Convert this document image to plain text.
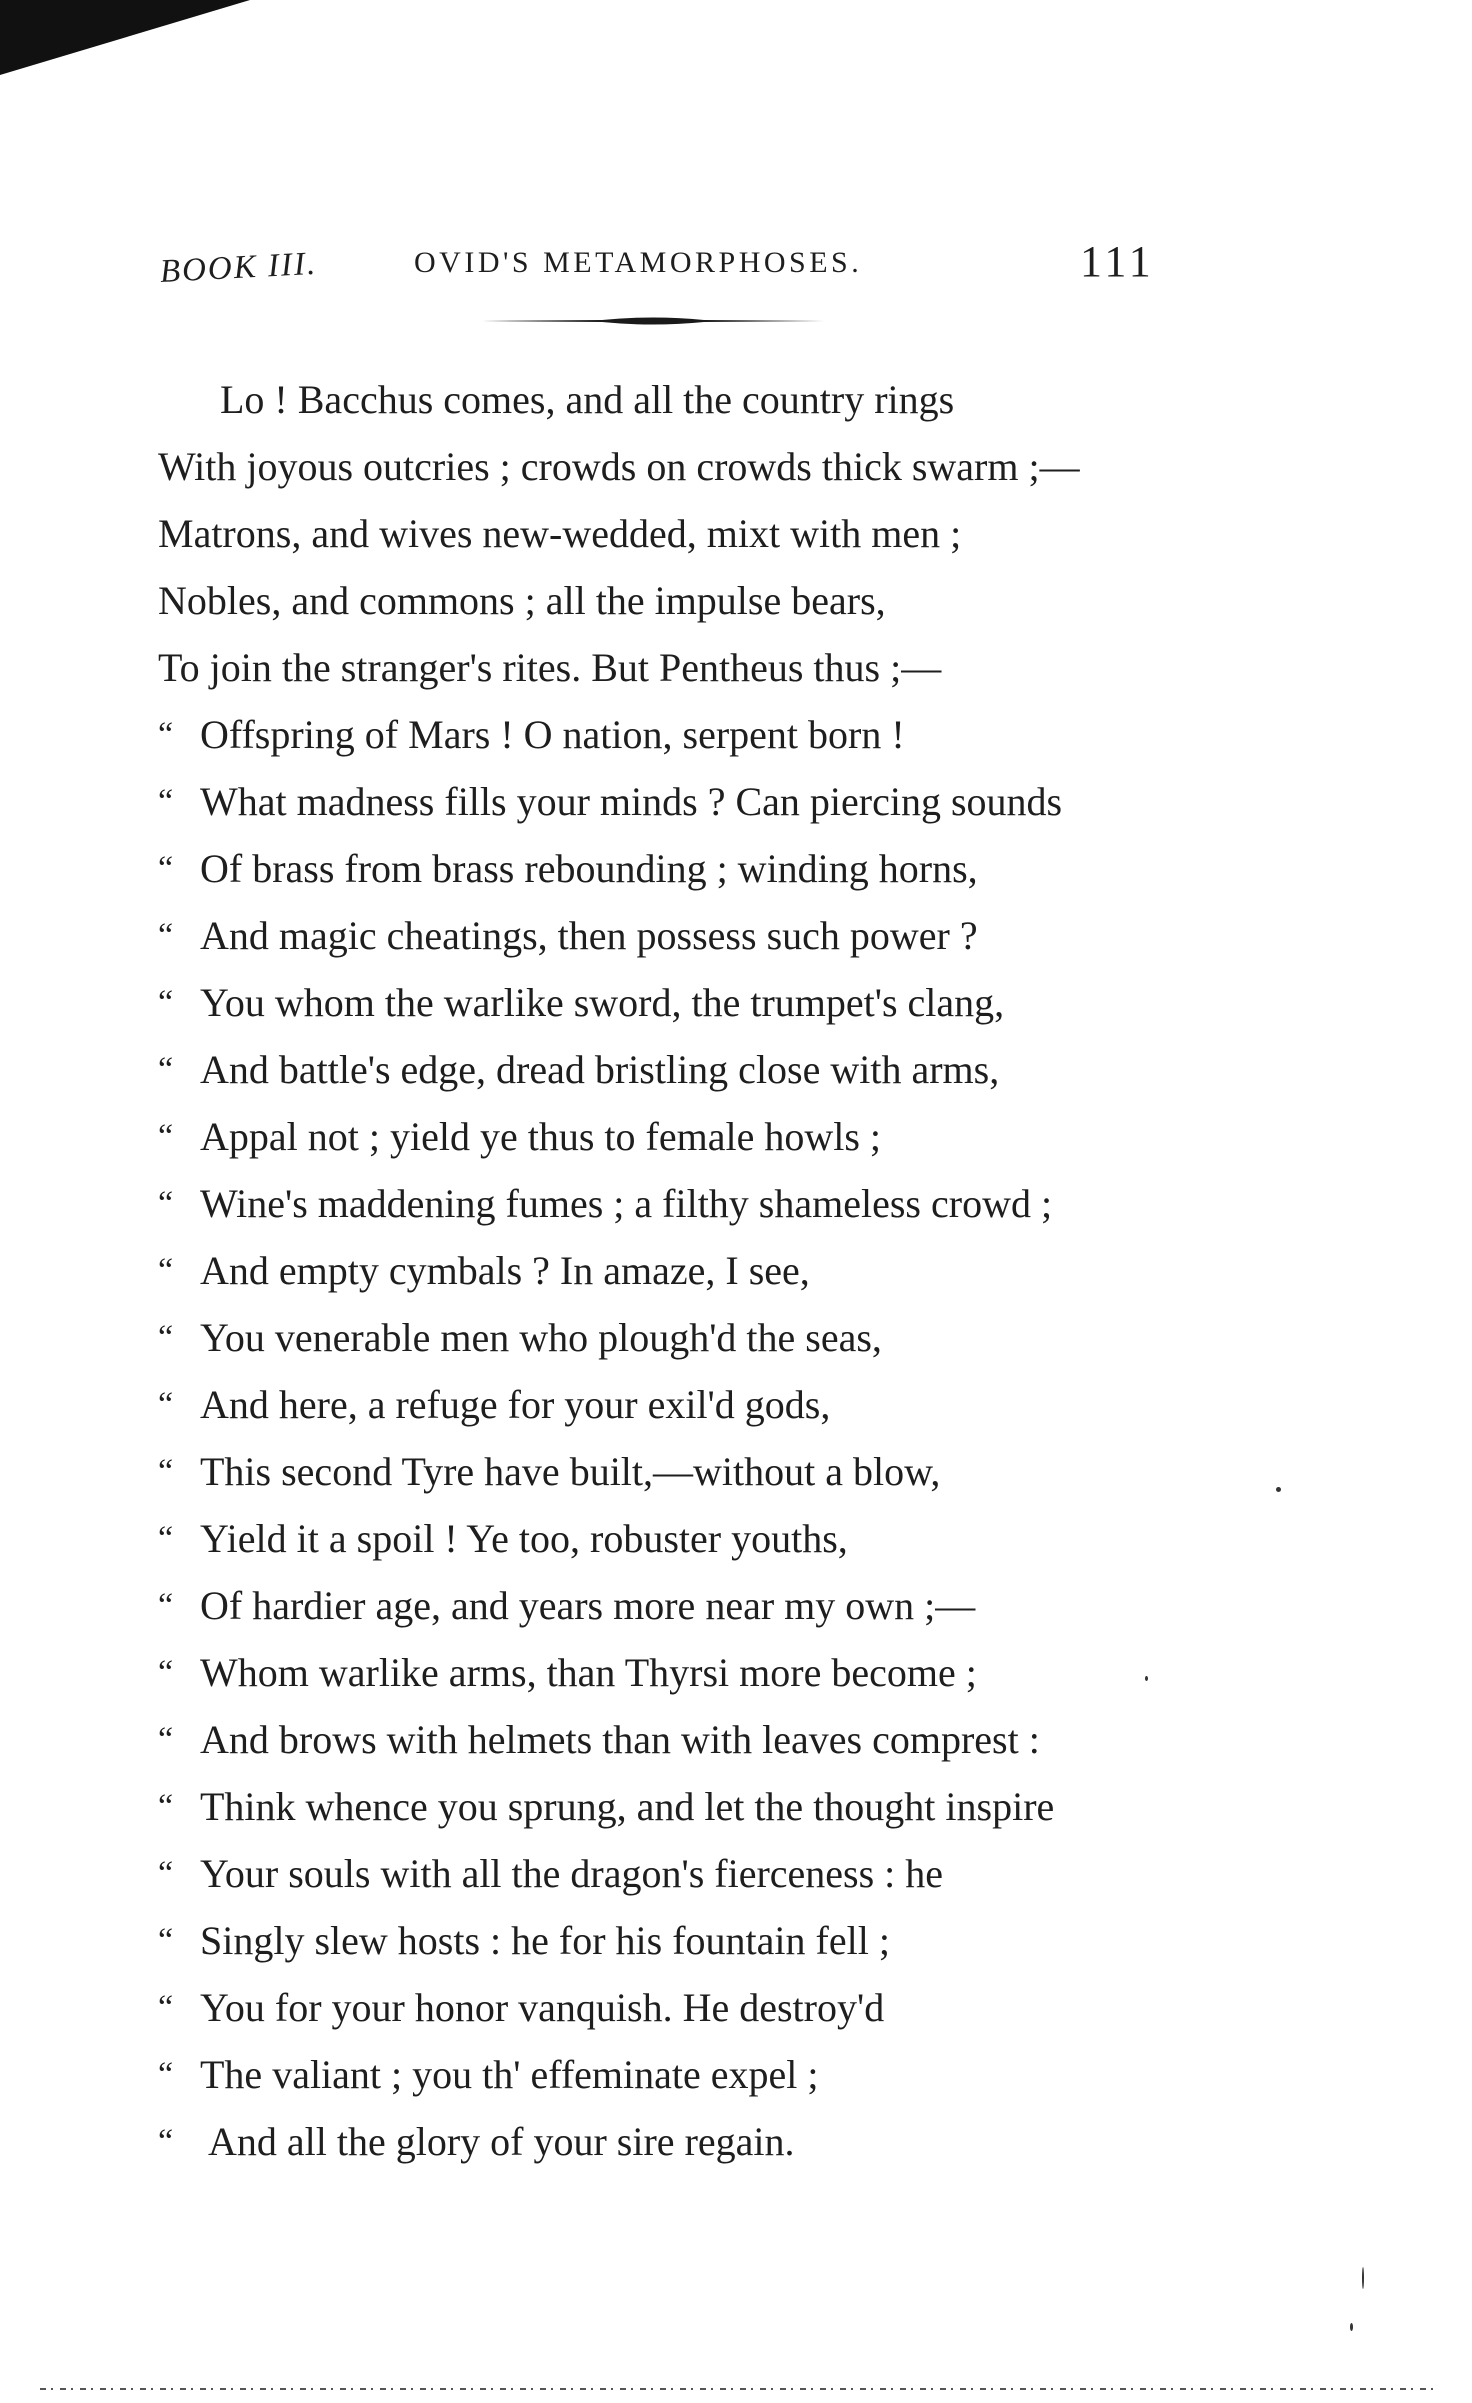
BOOK III.	OVID'S METAMORPHOSES.	111
Lo ! Bacchus comes, and all the country rings
With joyous outcries ; crowds on crowds thick swarm ;—
Matrons, and wives new-wedded, mixt with men ;
Nobles, and commons ; all the impulse bears,
To join the stranger's rites. But Pentheus thus ;—
“ Offspring of Mars ! O nation, serpent born !
“ What madness fills your minds ? Can piercing sounds
“ Of brass from brass rebounding ; winding horns,
“ And magic cheatings, then possess such power ?
“ You whom the warlike sword, the trumpet's clang,
“ And battle's edge, dread bristling close with arms,
“ Appal not ; yield ye thus to female howls ;
“ Wine's maddening fumes ; a filthy shameless crowd ;
“ And empty cymbals ? In amaze, I see,
“ You venerable men who plough'd the seas,
“ And here, a refuge for your exil'd gods,
“ This second Tyre have built,—without a blow,
“ Yield it a spoil ! Ye too, robuster youths,
“ Of hardier age, and years more near my own ;—
“ Whom warlike arms, than Thyrsi more become ;
“ And brows with helmets than with leaves comprest :
“ Think whence you sprung, and let the thought inspire
“ Your souls with all the dragon's fierceness : he
“ Singly slew hosts : he for his fountain fell ;
“ You for your honor vanquish. He destroy'd
“ The valiant ; you th' effeminate expel ;
“ And all the glory of your sire regain.
